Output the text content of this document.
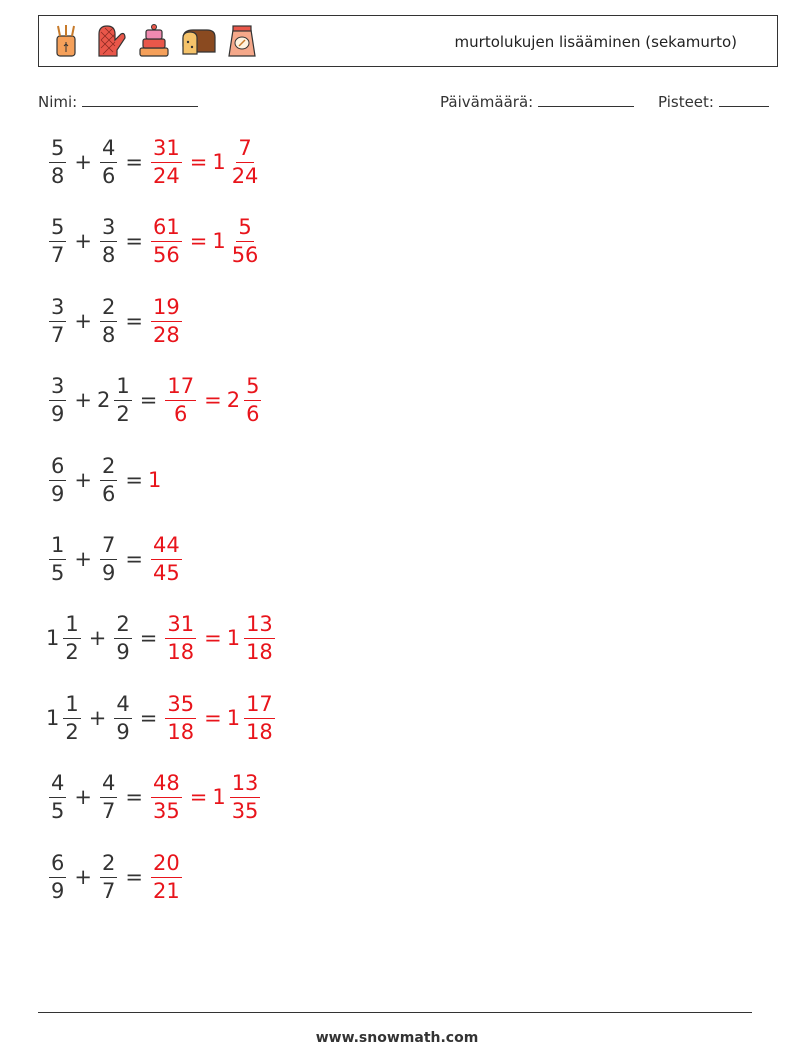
murtolukujen lisääminen (sekamurto)
Nimi:	Päivämäärä:	Pisteet:
$\frac{5}{8} + \frac{4}{6} = \frac{31}{24} = 1 \frac{7}{24}$
$\frac{5}{7} + \frac{3}{8} = \frac{61}{56} = 1 \frac{5}{56}$
$\frac{3}{7} + \frac{2}{8} = \frac{19}{28}$
$\frac{3}{9} + 2 \frac{1}{2} = \frac{17}{6} = 2 \frac{5}{6}$
$\frac{6}{9} + \frac{2}{6} = 1$
$\frac{1}{5} + \frac{7}{9} = \frac{44}{45}$
$1 \frac{1}{2} + \frac{2}{9} = \frac{31}{18} = 1 \frac{13}{18}$
$1 \frac{1}{2} + \frac{4}{9} = \frac{35}{18} = 1 \frac{17}{18}$
$\frac{4}{5} + \frac{4}{7} = \frac{48}{35} = 1 \frac{13}{35}$
$\frac{6}{9} + \frac{2}{7} = \frac{20}{21}$
www.snowmath.com
